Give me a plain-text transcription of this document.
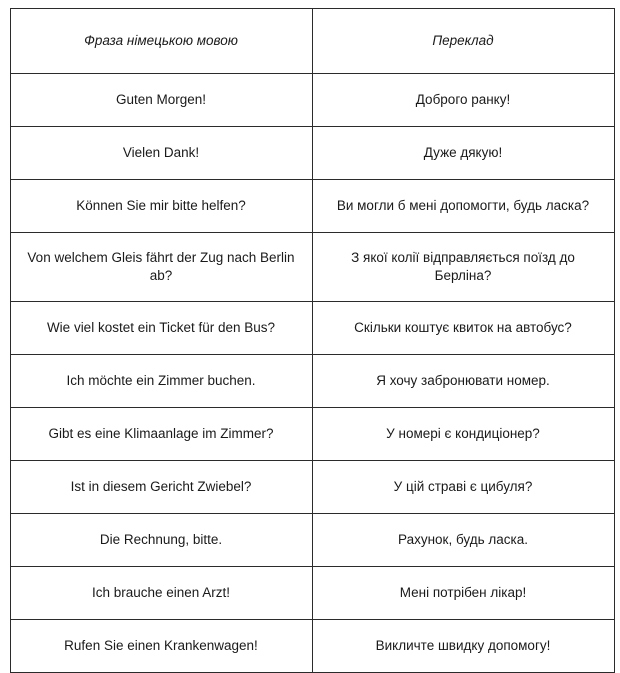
Фраза німецькою мовою	Переклад
Guten Morgen!	Доброго ранку!
Vielen Dank!	Дуже дякую!
Können Sie mir bitte helfen?	Ви могли б мені допомогти, будь ласка?
Von welchem Gleis fährt der Zug nach Berlin ab?	З якої колії відправляється поїзд до Берліна?
Wie viel kostet ein Ticket für den Bus?	Скільки коштує квиток на автобус?
Ich möchte ein Zimmer buchen.	Я хочу забронювати номер.
Gibt es eine Klimaanlage im Zimmer?	У номері є кондиціонер?
Ist in diesem Gericht Zwiebel?	У цій страві є цибуля?
Die Rechnung, bitte.	Рахунок, будь ласка.
Ich brauche einen Arzt!	Мені потрібен лікар!
Rufen Sie einen Krankenwagen!	Викличте швидку допомогу!
